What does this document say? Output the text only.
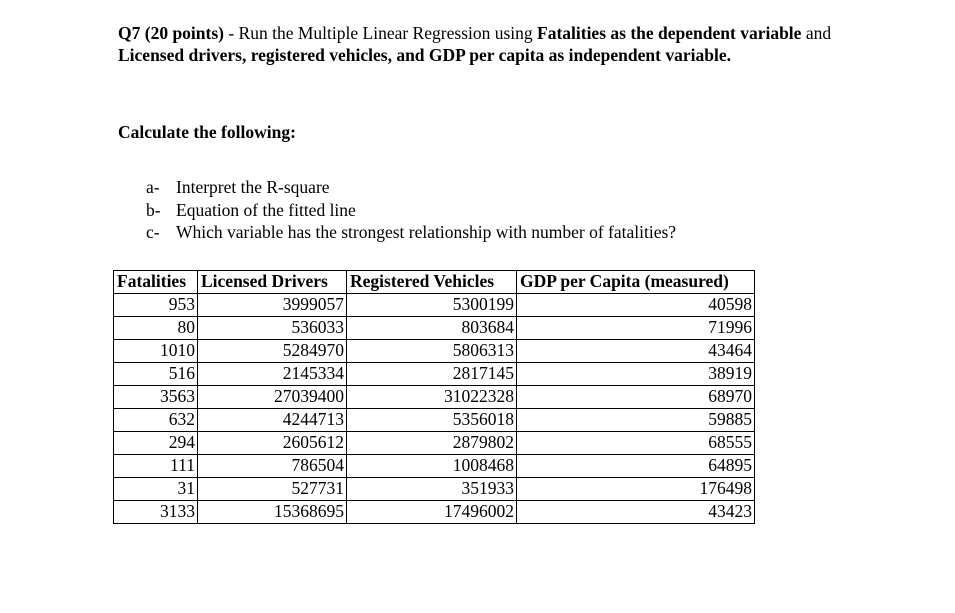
Q7 (20 points) - Run the Multiple Linear Regression using Fatalities as the dependent variable and Licensed drivers, registered vehicles, and GDP per capita as independent variable.

Calculate the following:

a- Interpret the R-square
b- Equation of the fitted line
c- Which variable has the strongest relationship with number of fatalities?
Fatalities	Licensed Drivers	Registered Vehicles	GDP per Capita (measured)
953	3999057	5300199	40598
80	536033	803684	71996
1010	5284970	5806313	43464
516	2145334	2817145	38919
3563	27039400	31022328	68970
632	4244713	5356018	59885
294	2605612	2879802	68555
111	786504	1008468	64895
31	527731	351933	176498
3133	15368695	17496002	43423
